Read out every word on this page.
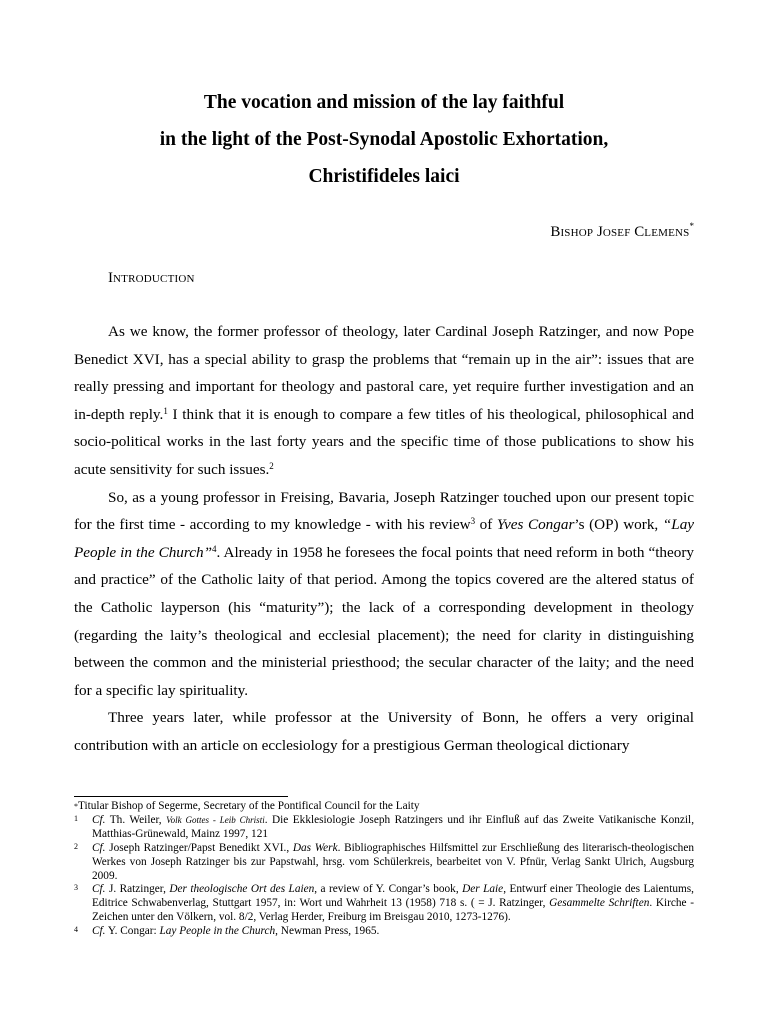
The vocation and mission of the lay faithful
in the light of the Post-Synodal Apostolic Exhortation,
Christifideles laici
BISHOP JOSEF CLEMENS*
INTRODUCTION

As we know, the former professor of theology, later Cardinal Joseph Ratzinger, and now Pope Benedict XVI, has a special ability to grasp the problems that “remain up in the air”: issues that are really pressing and important for theology and pastoral care, yet require further investigation and an in-depth reply.$^1$ I think that it is enough to compare a few titles of his theological, philosophical and socio-political works in the last forty years and the specific time of those publications to show his acute sensitivity for such issues.$^2$

So, as a young professor in Freising, Bavaria, Joseph Ratzinger touched upon our present topic for the first time - according to my knowledge - with his review$^3$ of Yves Congar’s (OP) work, “Lay People in the Church”$^4$. Already in 1958 he foresees the focal points that need reform in both “theory and practice” of the Catholic laity of that period. Among the topics covered are the altered status of the Catholic layperson (his “maturity”); the lack of a corresponding development in theology (regarding the laity’s theological and ecclesial placement); the need for clarity in distinguishing between the common and the ministerial priesthood; the secular character of the laity; and the need for a specific lay spirituality.

Three years later, while professor at the University of Bonn, he offers a very original contribution with an article on ecclesiology for a prestigious German theological dictionary

*Titular Bishop of Segerme, Secretary of the Pontifical Council for the Laity
1 Cf. Th. Weiler, Volk Gottes - Leib Christi. Die Ekklesiologie Joseph Ratzingers und ihr Einfluß auf das Zweite Vatikanische Konzil, Matthias-Grünewald, Mainz 1997, 121
2 Cf. Joseph Ratzinger/Papst Benedikt XVI., Das Werk. Bibliographisches Hilfsmittel zur Erschließung des literarisch-theologischen Werkes von Joseph Ratzinger bis zur Papstwahl, hrsg. vom Schülerkreis, bearbeitet von V. Pfnür, Verlag Sankt Ulrich, Augsburg 2009.
3 Cf. J. Ratzinger, Der theologische Ort des Laien, a review of Y. Congar’s book, Der Laie, Entwurf einer Theologie des Laientums, Editrice Schwabenverlag, Stuttgart 1957, in: Wort und Wahrheit 13 (1958) 718 s. ( = J. Ratzinger, Gesammelte Schriften. Kirche - Zeichen unter den Völkern, vol. 8/2, Verlag Herder, Freiburg im Breisgau 2010, 1273-1276).
4 Cf. Y. Congar: Lay People in the Church, Newman Press, 1965.
